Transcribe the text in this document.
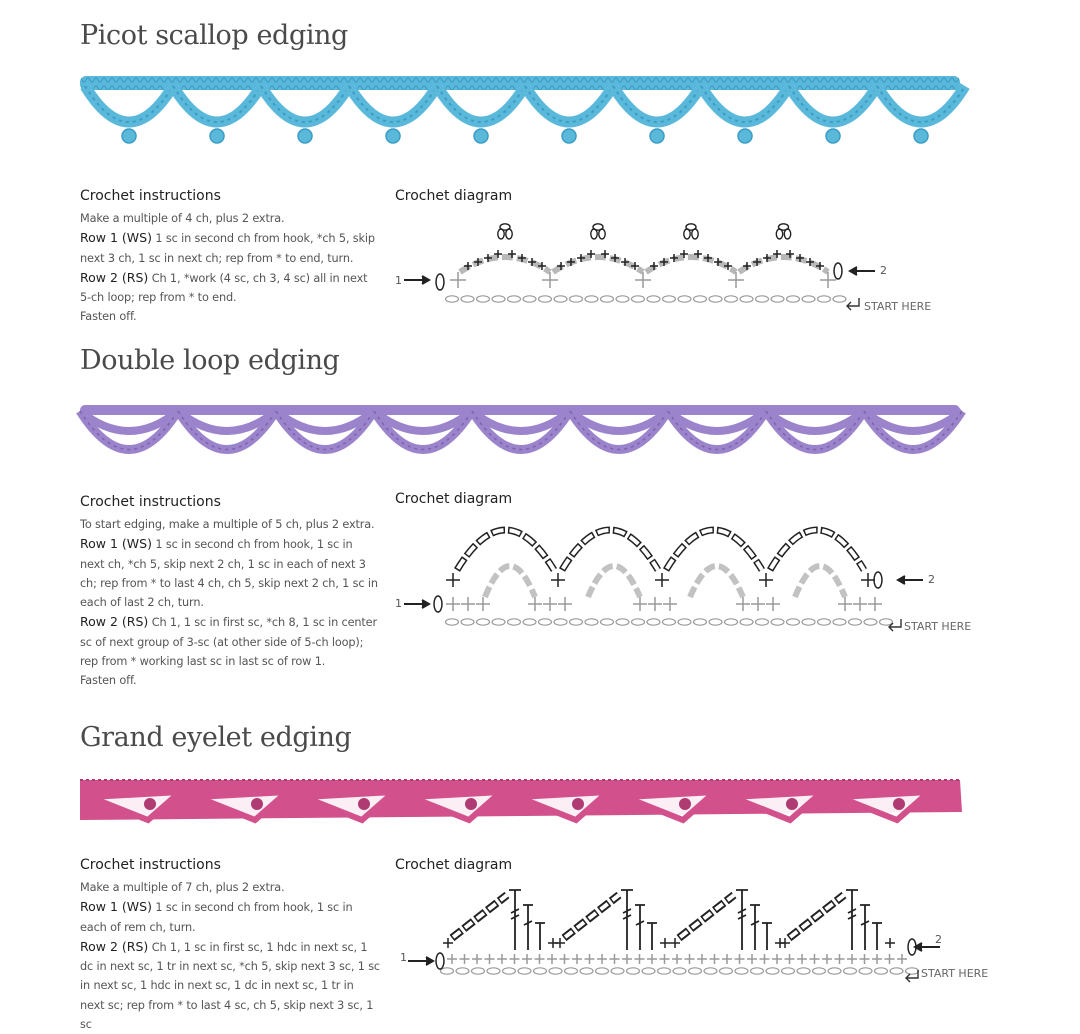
Picot scallop edging
Crochet instructions

Make a multiple of 4 ch, plus 2 extra.

Row 1 (WS) 1 sc in second ch from hook, *ch 5, skip next 3 ch, 1 sc in next ch; rep from * to end, turn.

Row 2 (RS) Ch 1, *work (4 sc, ch 3, 4 sc) all in next 5-ch loop; rep from * to end.

Fasten off.

Crochet diagram
1
2
START HERE
Double loop edging
Crochet instructions

To start edging, make a multiple of 5 ch, plus 2 extra.

Row 1 (WS) 1 sc in second ch from hook, 1 sc in next ch, *ch 5, skip next 2 ch, 1 sc in each of next 3 ch; rep from * to last 4 ch, ch 5, skip next 2 ch, 1 sc in each of last 2 ch, turn.

Row 2 (RS) Ch 1, 1 sc in first sc, *ch 8, 1 sc in center sc of next group of 3-sc (at other side of 5-ch loop); rep from * working last sc in last sc of row 1.

Fasten off.

Crochet diagram
1
2
START HERE
Grand eyelet edging
Crochet instructions

Make a multiple of 7 ch, plus 2 extra.

Row 1 (WS) 1 sc in second ch from hook, 1 sc in each of rem ch, turn.

Row 2 (RS) Ch 1, 1 sc in first sc, 1 hdc in next sc, 1 dc in next sc, 1 tr in next sc, *ch 5, skip next 3 sc, 1 sc in next sc, 1 hdc in next sc, 1 dc in next sc, 1 tr in next sc; rep from * to last 4 sc, ch 5, skip next 3 sc, 1 sc

Crochet diagram
1
2
START HERE
